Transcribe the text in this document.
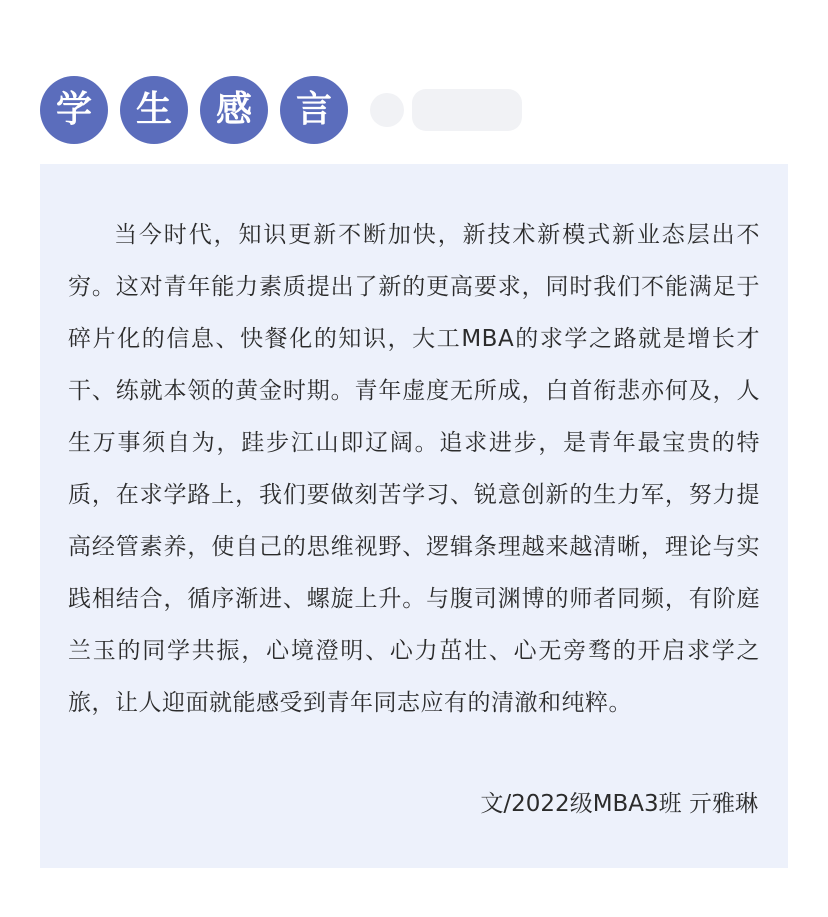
学	生	感	言

当今时代，知识更新不断加快，新技术新模式新业态层出不穷。这对青年能力素质提出了新的更高要求，同时我们不能满足于碎片化的信息、快餐化的知识，大工MBA的求学之路就是增长才干、练就本领的黄金时期。青年虚度无所成，白首衔悲亦何及，人生万事须自为，跬步江山即辽阔。追求进步，是青年最宝贵的特质，在求学路上，我们要做刻苦学习、锐意创新的生力军，努力提高经管素养，使自己的思维视野、逻辑条理越来越清晰，理论与实践相结合，循序渐进、螺旋上升。与腹司渊博的师者同频，有阶庭兰玉的同学共振，心境澄明、心力茁壮、心无旁骛的开启求学之旅，让人迎面就能感受到青年同志应有的清澈和纯粹。

文/2022级MBA3班 亓雅琳
